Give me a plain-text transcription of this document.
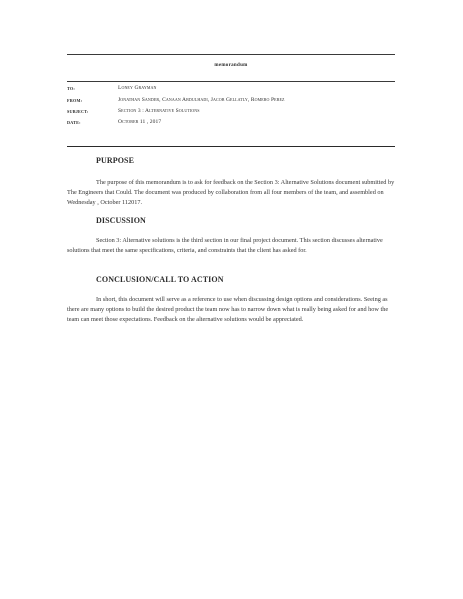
memorandum
TO:	Loney Grayman
FROM:	Jonathan Sander, Canaan Abdulhadi, Jacob Gellatly, Romero Perez
SUBJECT:	Section 3 : Alternative Solutions
DATE:	October 11 , 2017
PURPOSE
The purpose of this memorandum is to ask for feedback on the Section 3: Alternative Solutions document submitted by The Engineers that Could. The document was produced by collaboration from all four members of the team, and assembled on Wednesday , October 112017.
DISCUSSION
Section 3: Alternative solutions is the third section in our final project document. This section discusses alternative solutions that meet the same specifications, criteria, and constraints that the client has asked for.
CONCLUSION/CALL TO ACTION
In short, this document will serve as a reference to use when discussing design options and considerations. Seeing as there are many options to build the desired product the team now has to narrow down what is really being asked for and how the team can meet those expectations. Feedback on the alternative solutions would be appreciated.
